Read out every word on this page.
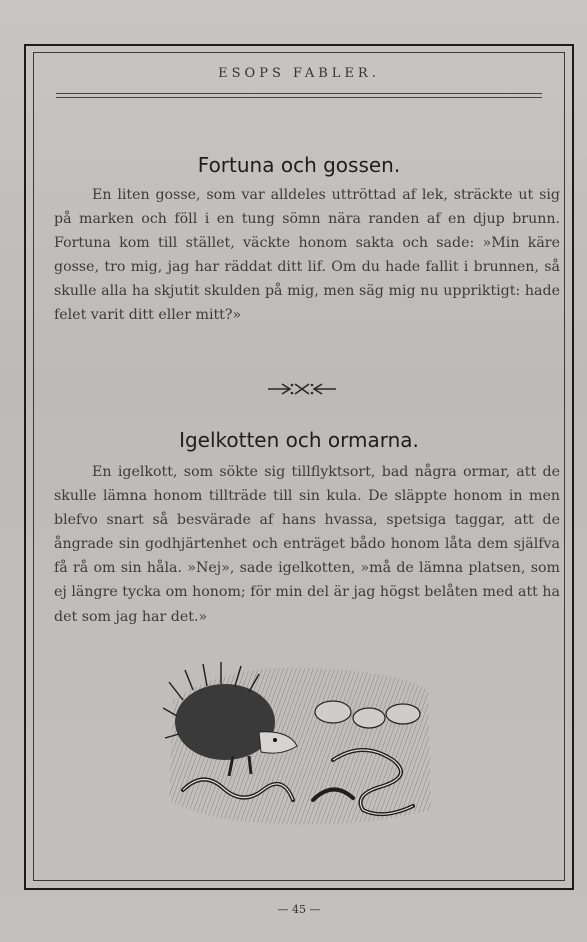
ESOPS FABLER.
Fortuna och gossen.

En liten gosse, som var alldeles uttröttad af lek, sträckte ut sig på marken och föll i en tung sömn nära randen af en djup brunn. Fortuna kom till stället, väckte honom sakta och sade: »Min käre gosse, tro mig, jag har räddat ditt lif. Om du hade fallit i brunnen, så skulle alla ha skjutit skulden på mig, men säg mig nu uppriktigt: hade felet varit ditt eller mitt?»

Igelkotten och ormarna.

En igelkott, som sökte sig tillflyktsort, bad några ormar, att de skulle lämna honom tillträde till sin kula. De släppte honom in men blefvo snart så besvärade af hans hvassa, spetsiga taggar, att de ångrade sin godhjärtenhet och enträget bådo honom låta dem själfva få rå om sin håla. »Nej», sade igelkotten, »må de lämna platsen, som ej längre tycka om honom; för min del är jag högst belåten med att ha det som jag har det.»

— 45 —
